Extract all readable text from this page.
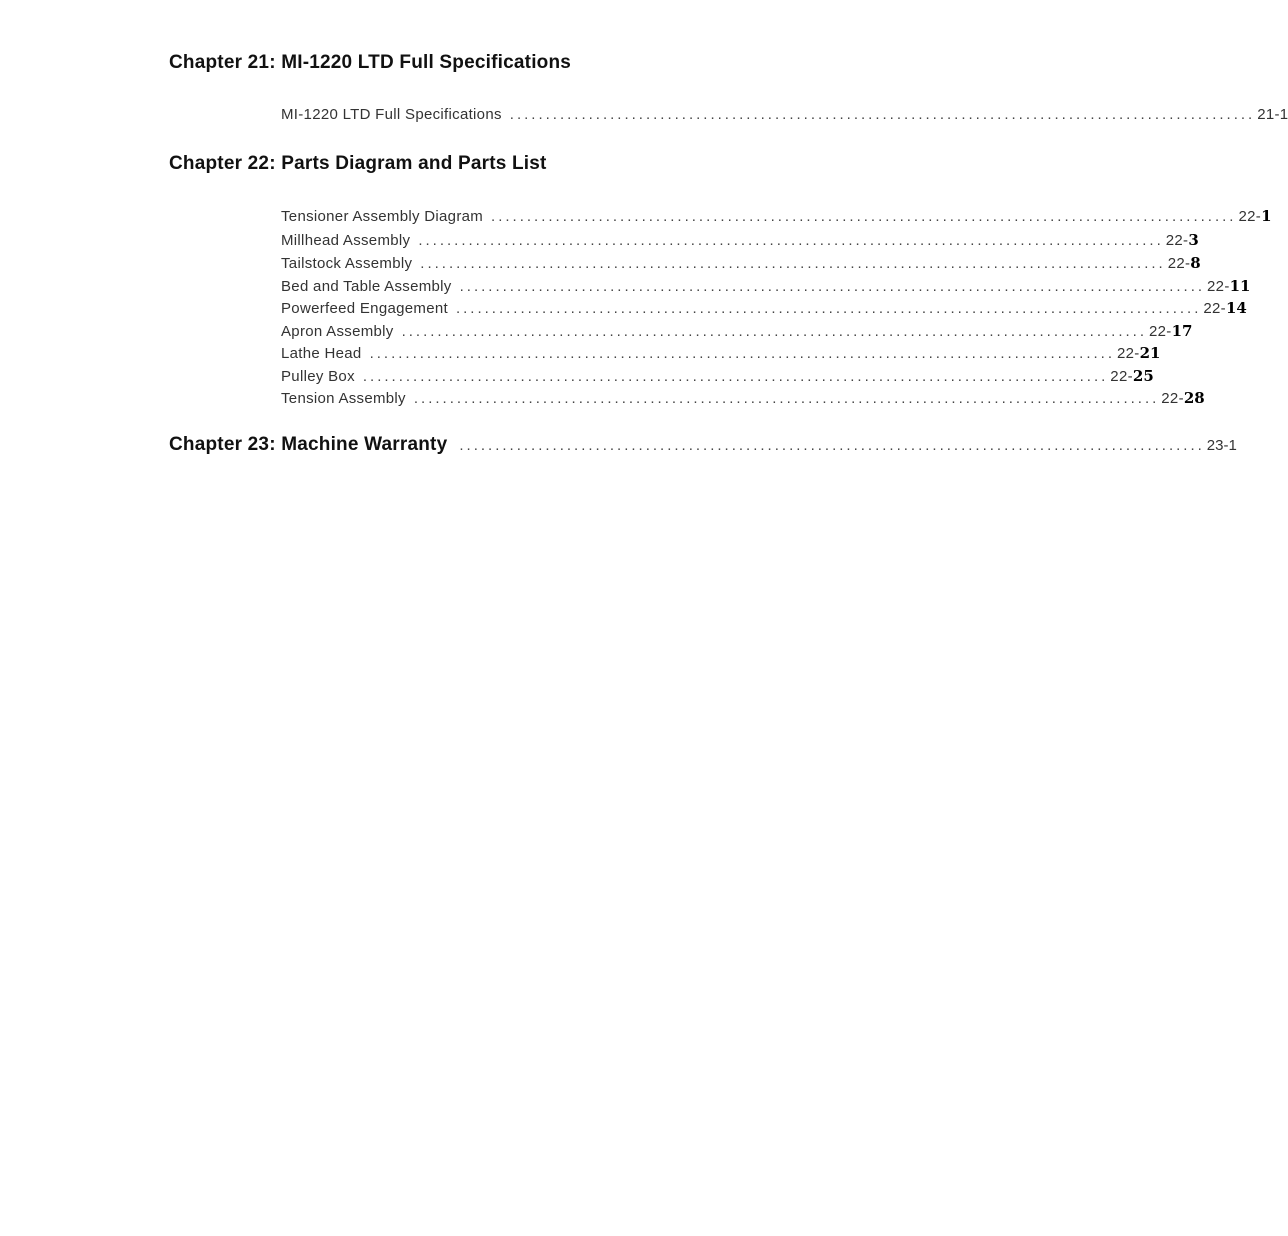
Chapter 21: MI-1220 LTD Full Specifications
MI-1220 LTD Full Specifications ........................................................................................................ 21-1
Chapter 22: Parts Diagram and Parts List
Tensioner Assembly Diagram ........................................................................................................ 22- 1
Millhead Assembly ........................................................................................................ 22- 3
Tailstock Assembly ........................................................................................................ 22- 8
Bed and Table Assembly ........................................................................................................ 22- 11
Powerfeed Engagement ........................................................................................................ 22- 14
Apron Assembly ........................................................................................................ 22- 17
Lathe Head ........................................................................................................ 22- 21
Pulley Box ........................................................................................................ 22- 25
Tension Assembly ........................................................................................................ 22- 28
Chapter 23: Machine Warranty ........................................................................................................ 23-1
